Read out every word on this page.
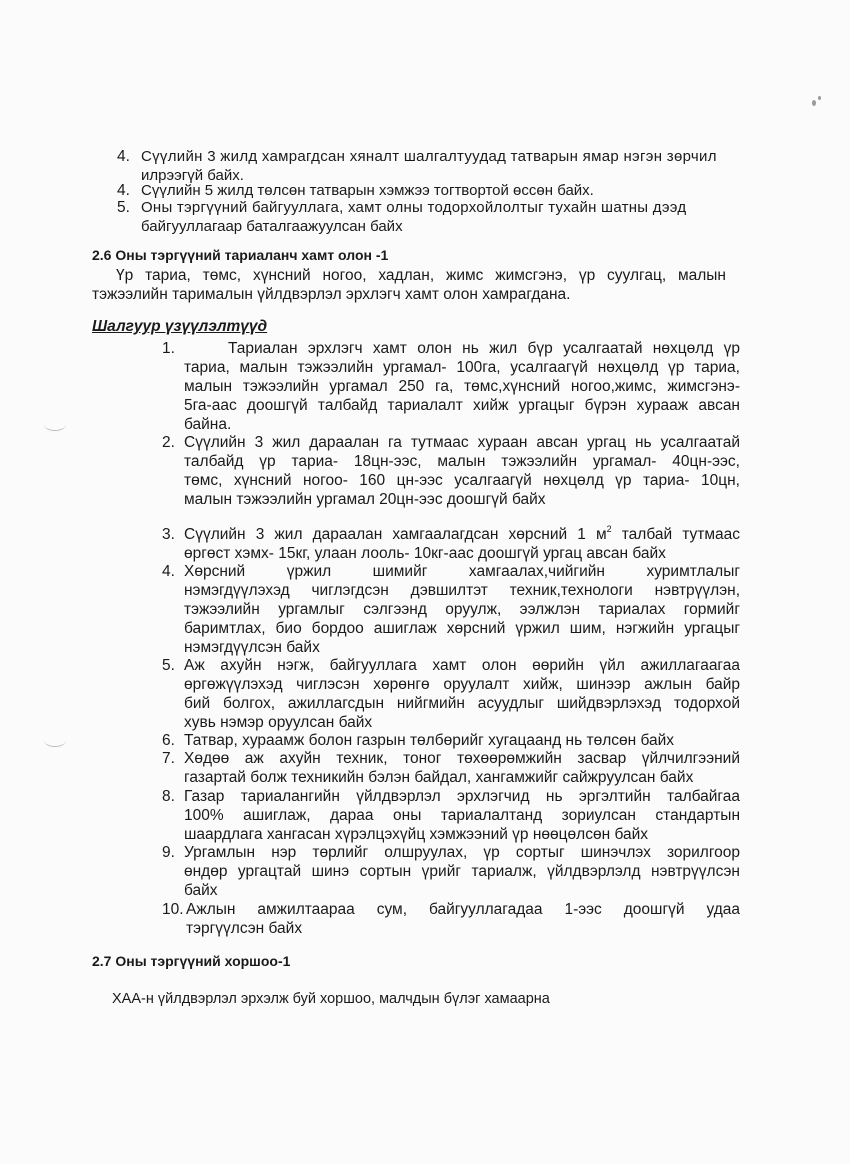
4. Сүүлийн 3 жилд хамрагдсан хяналт шалгалтуудад татварын ямар нэгэн зөрчил

илрээгүй байх.

4. Сүүлийн 5 жилд төлсөн татварын хэмжээ тогтвортой өссөн байх.

5. Оны тэргүүний байгууллага, хамт олны тодорхойлолтыг тухайн шатны дээд

байгууллагаар баталгаажуулсан байх

2.6 Оны тэргүүний тариаланч хамт олон -1

Үр тариа, төмс, хүнсний ногоо, хадлан, жимс жимсгэнэ, үр суулгац, малын

тэжээлийн тарималын үйлдвэрлэл эрхлэгч хамт олон хамрагдана.

Шалгуур үзүүлэлтүүд
1.	Тариалан эрхлэгч хамт олон нь жил бүр усалгаатай нөхцөлд үр

тариа, малын тэжээлийн ургамал- 100га, усалгаагүй нөхцөлд үр тариа,

малын тэжээлийн ургамал 250 га, төмс,хүнсний ногоо,жимс, жимсгэнэ-

5га-аас доошгүй талбайд тариалалт хийж ургацыг бүрэн хураaж авсан

байна.

2. Сүүлийн 3 жил дараалан га тутмаас хураан авсан ургац нь усалгаатай

талбайд үр тариа- 18цн-ээс, малын тэжээлийн ургамал- 40цн-ээс,

төмс, хүнсний ногоо- 160 цн-ээс усалгаагүй нөхцөлд үр тариа- 10цн,

малын тэжээлийн ургамал 20цн-ээс доошгүй байх

3. Сүүлийн 3 жил дараалан хамгаалагдсан хөрсний 1 $м^2$ талбай тутмаас

өргөст хэмх- 15кг, улаан лооль- 10кг-аас доошгүй ургац авсан байх

4. Хөрсний үржил шимийг хамгаалах,чийгийн хуримтлалыг

нэмэгдүүлэхэд чиглэгдсэн дэвшилтэт техник,технологи нэвтрүүлэн,

тэжээлийн ургамлыг сэлгээнд оруулж, ээлжлэн тариалах гормийг

баримтлах, био бордоо ашиглаж хөрсний үржил шим, нэгжийн ургацыг

нэмэгдүүлсэн байх

5. Аж ахуйн нэгж, байгууллага хамт олон өөрийн үйл ажиллагаагаа

өргөжүүлэхэд чиглэсэн хөрөнгө оруулалт хийж, шинээр ажлын байр

бий болгох, ажиллагсдын нийгмийн асуудлыг шийдвэрлэхэд тодорхой

хувь нэмэр оруулсан байх

6. Татвар, хураамж болон газрын төлбөрийг хугацаанд нь төлсөн байх

7. Хөдөө аж ахуйн техник, тоног төхөөрөмжийн засвар үйлчилгээний

газартай болж техникийн бэлэн байдал, хангамжийг сайжруулсан байх

8. Газар тариалангийн үйлдвэрлэл эрхлэгчид нь эргэлтийн талбайгаа

100% ашиглаж, дараа оны тариалалтанд зориулсан стандартын

шаардлага хангасан хүрэлцэхүйц хэмжээний үр нөөцөлсөн байх

9. Ургамлын нэр төрлийг олшруулах, үр сортыг шинэчлэх зорилгоор

өндөр ургацтай шинэ сортын үрийг тариалж, үйлдвэрлэлд нэвтрүүлсэн

байх

10. Ажлын амжилтаараа сум, байгууллагадаа 1-ээс доошгүй удаа

тэргүүлсэн байх

2.7 Оны тэргүүний хоршоо-1
ХАА-н үйлдвэрлэл эрхэлж буй хоршоо, малчдын бүлэг хамаарна
